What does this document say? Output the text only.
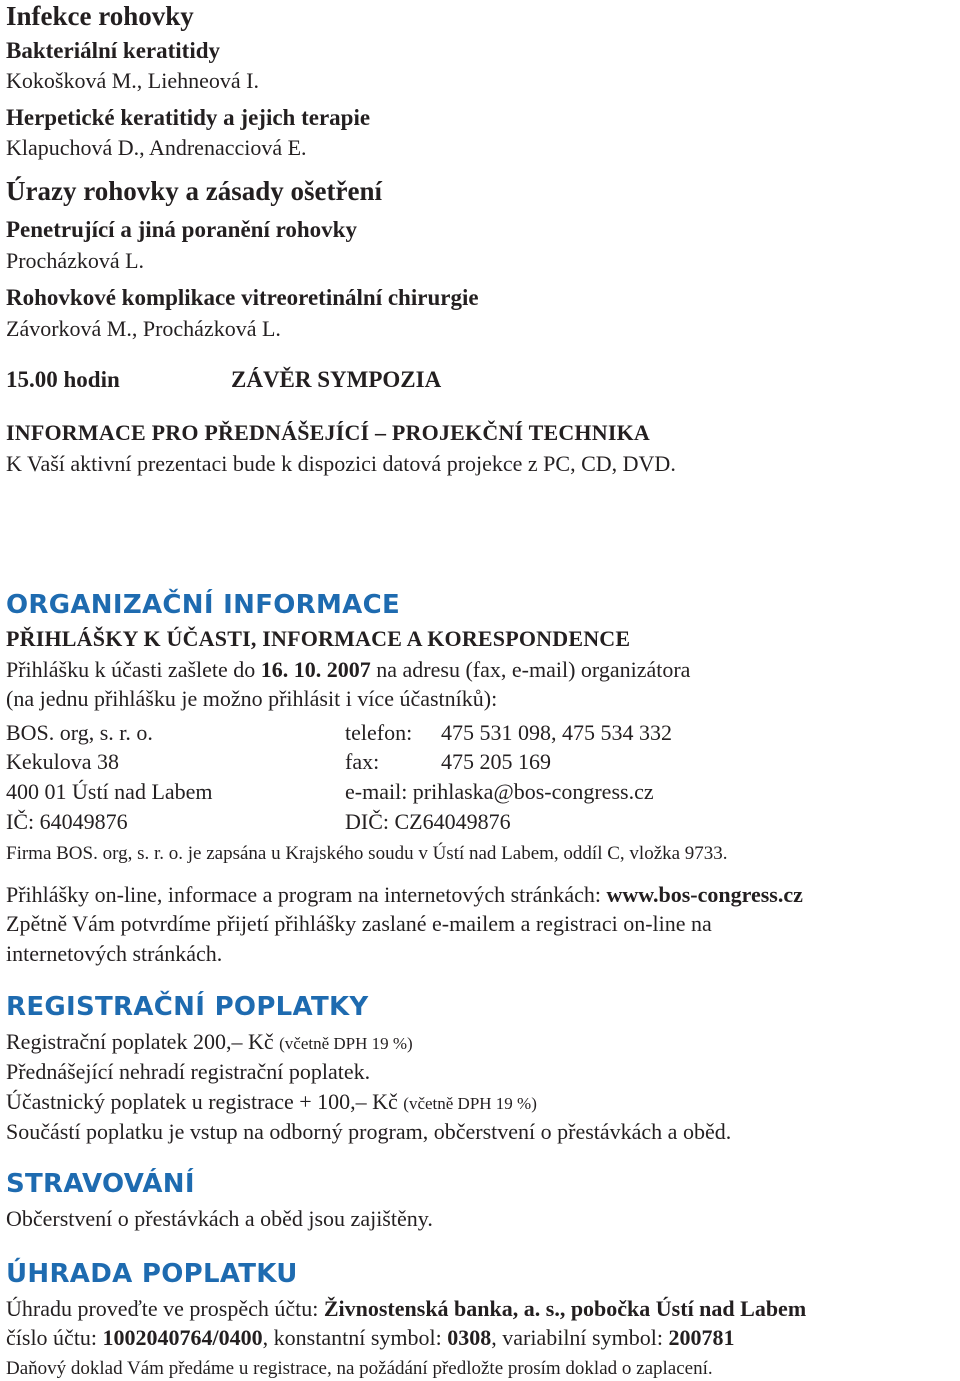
Infekce rohovky
Bakteriální keratitidy
Kokošková M., Liehneová I.
Herpetické keratitidy a jejich terapie
Klapuchová D., Andrenacciová E.
Úrazy rohovky a zásady ošetření
Penetrující a jiná poranění rohovky
Procházková L.
Rohovkové komplikace vitreoretinální chirurgie
Závorková M., Procházková L.
15.00 hodin	ZÁVĚR SYMPOZIA
INFORMACE PRO PŘEDNÁŠEJÍCÍ – PROJEKČNÍ TECHNIKA
K Vaší aktivní prezentaci bude k dispozici datová projekce z PC, CD, DVD.
ORGANIZAČNÍ INFORMACE
PŘIHLÁŠKY K ÚČASTI, INFORMACE A KORESPONDENCE
Přihlášku k účasti zašlete do 16. 10. 2007 na adresu (fax, e-mail) organizátora
(na jednu přihlášku je možno přihlásit i více účastníků):
BOS. org, s. r. o.
Kekulova 38
400 01 Ústí nad Labem
IČ: 64049876
telefon: 475 531 098, 475 534 332
fax:	475 205 169
e-mail: prihlaska@bos-congress.cz
DIČ: CZ64049876
Firma BOS. org, s. r. o. je zapsána u Krajského soudu v Ústí nad Labem, oddíl C, vložka 9733.
Přihlášky on-line, informace a program na internetových stránkách: www.bos-congress.cz
Zpětně Vám potvrdíme přijetí přihlášky zaslané e-mailem a registraci on-line na
internetových stránkách.
REGISTRAČNÍ POPLATKY
Registrační poplatek 200,– Kč (včetně DPH 19 %)
Přednášející nehradí registrační poplatek.
Účastnický poplatek u registrace + 100,– Kč (včetně DPH 19 %)
Součástí poplatku je vstup na odborný program, občerstvení o přestávkách a oběd.
STRAVOVÁNÍ
Občerstvení o přestávkách a oběd jsou zajištěny.
ÚHRADA POPLATKU
Úhradu proveďte ve prospěch účtu: Živnostenská banka, a. s., pobočka Ústí nad Labem
číslo účtu: 1002040764/0400, konstantní symbol: 0308, variabilní symbol: 200781
Daňový doklad Vám předáme u registrace, na požádání předložte prosím doklad o zaplacení.
